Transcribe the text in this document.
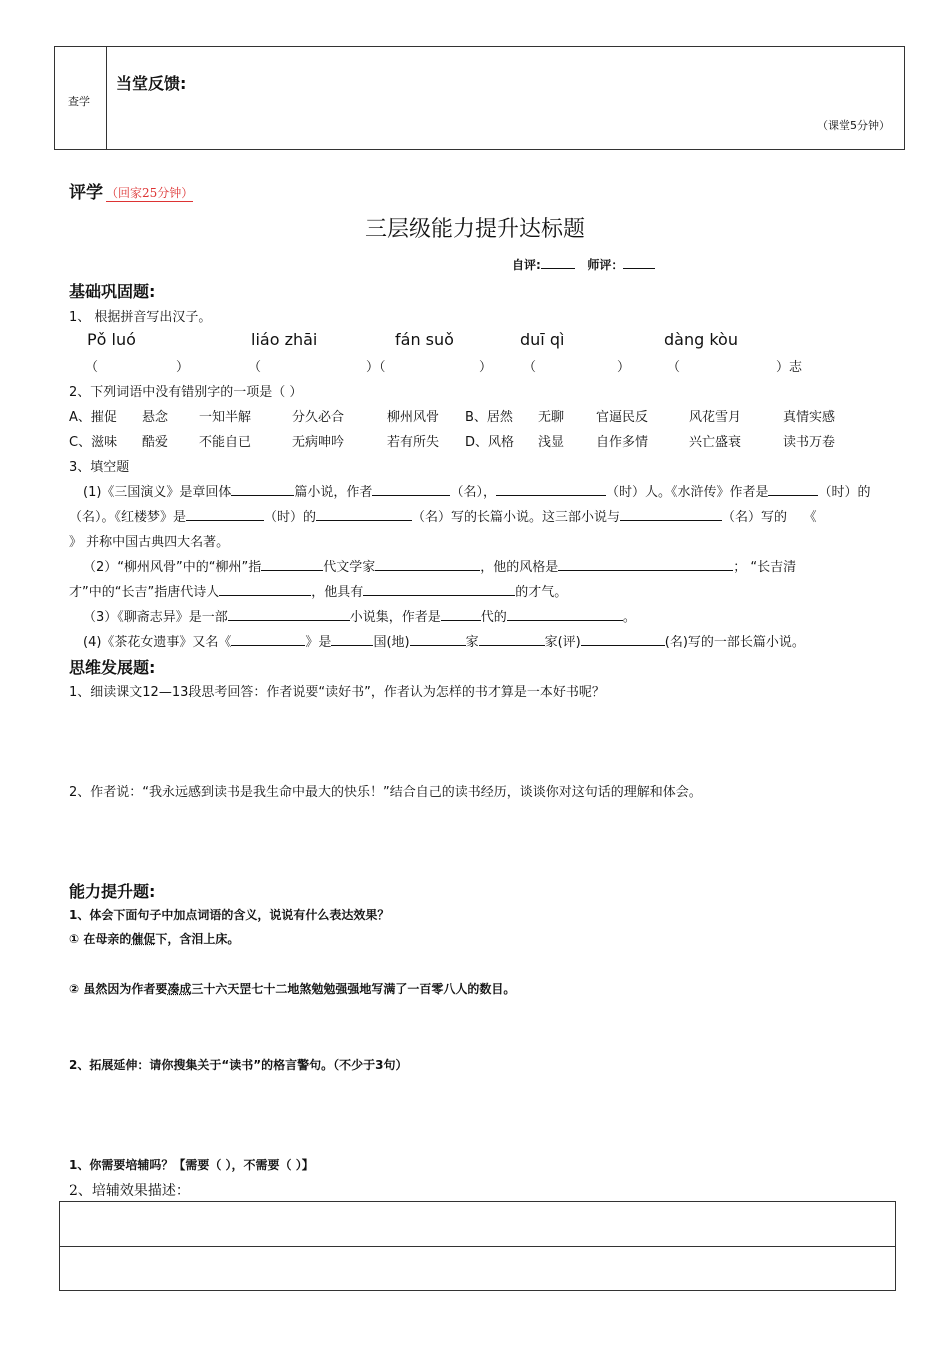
查学
当堂反馈:
（课堂5分钟）
评学 （回家25分钟）
三层级能力提升达标题
自评:	师评：
基础巩固题:
1、 根据拼音写出汉子。
Pǒ luó	liáo zhāi	fán suǒ	duī qì	dàng kòu
（	）	（	）（	） （	）	（	）志
2、下列词语中没有错别字的一项是（ ）
A、摧促 悬念 一知半解	分久必合	柳州风骨 B、居然 无聊 官逼民反	风花雪月	真情实感
C、滋味 酷爱 不能自已	无病呻吟	若有所失 D、风格 浅显 自作多情	兴亡盛衰	读书万卷
3、填空题
(1)《三国演义》是章回体	篇小说，作者	（名），	（时）人。《水浒传》作者是	（时）的
（名）。《红楼梦》是	（时）的	（名）写的长篇小说。这三部小说与	（名）写的 《
》 并称中国古典四大名著。
（2）“柳州风骨”中的“柳州”指	代文学家	，他的风格是	； “长吉清
才”中的“长吉”指唐代诗人	，他具有	的才气。
（3）《聊斋志异》是一部	小说集，作者是	代的	。
(4)《茶花女遗事》又名《	》是	国(地)	家	家(评)	(名)写的一部长篇小说。
思维发展题:
1、细读课文12—13段思考回答：作者说要“读好书”，作者认为怎样的书才算是一本好书呢？
2、作者说：“我永远感到读书是我生命中最大的快乐！”结合自己的读书经历，谈谈你对这句话的理解和体会。
能力提升题:
1、体会下面句子中加点词语的含义，说说有什么表达效果？
① 在母亲的催促下，含泪上床。
② 虽然因为作者要凑成三十六天罡七十二地煞勉勉强强地写满了一百零八人的数目。
2、拓展延伸：请你搜集关于“读书”的格言警句。（不少于3句）
1、你需要培辅吗？【需要（ ），不需要（ ）】
2、培辅效果描述：
